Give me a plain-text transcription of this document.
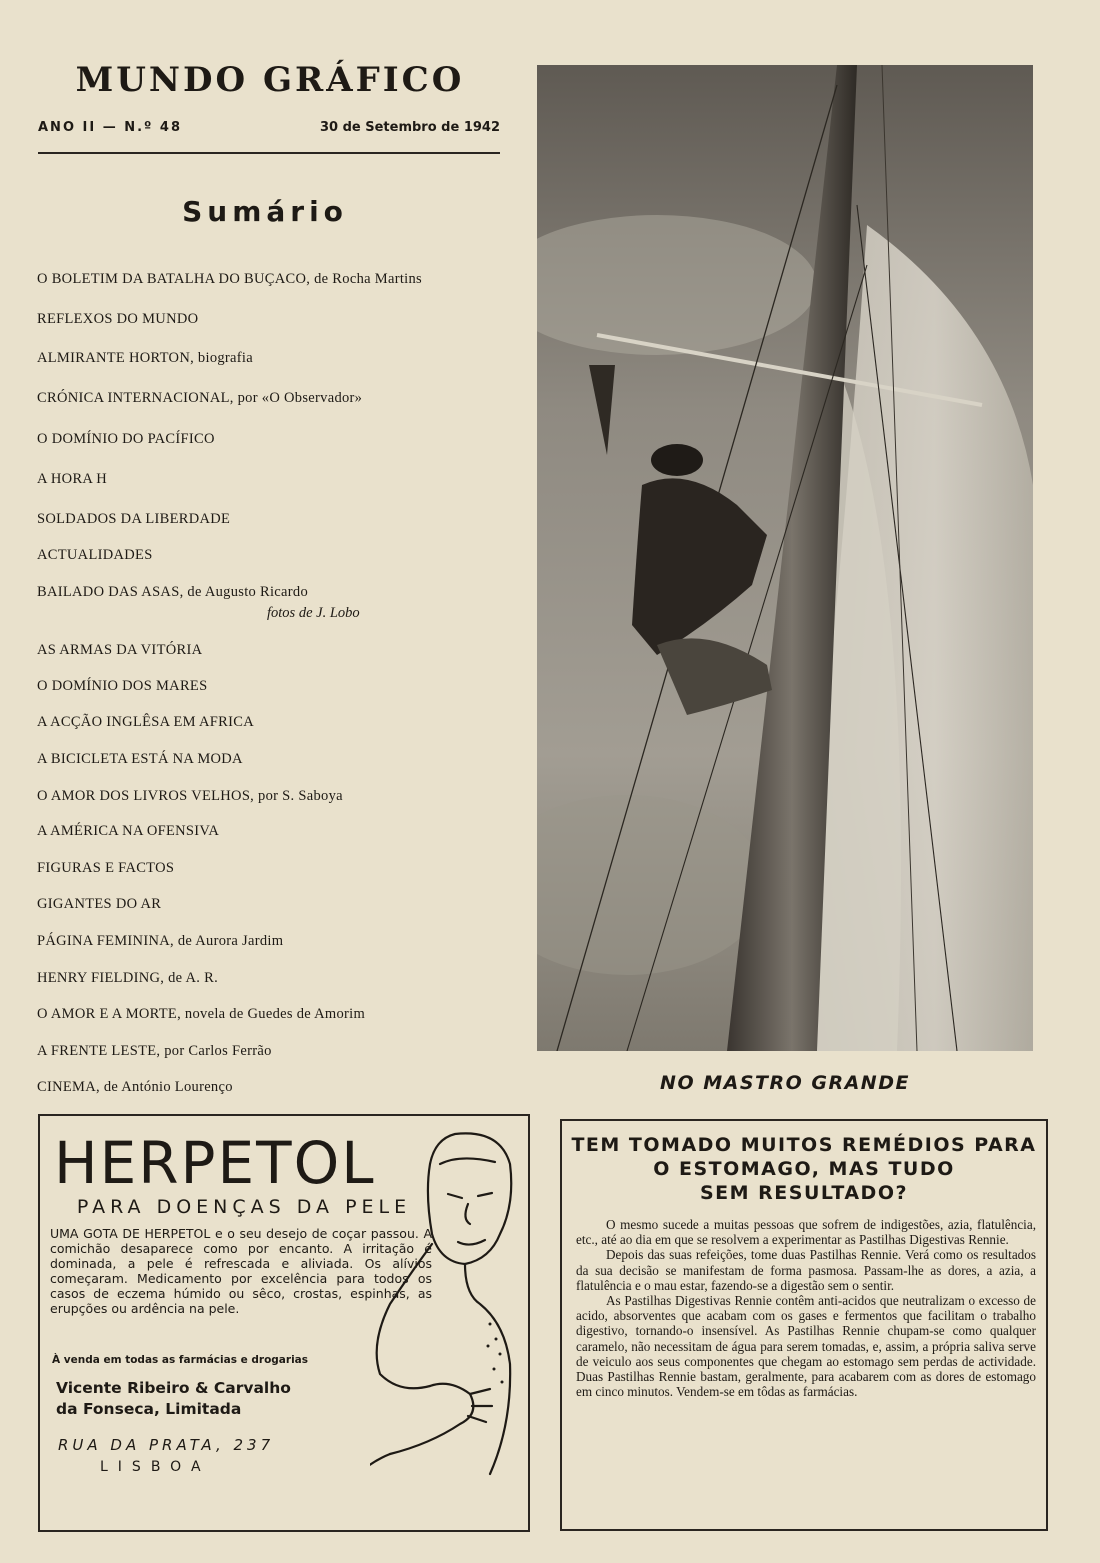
MUNDO GRÁFICO
ANO II — N.º 48	30 de Setembro de 1942
Sumário
O BOLETIM DA BATALHA DO BUÇACO, de Rocha Martins
REFLEXOS DO MUNDO
ALMIRANTE HORTON, biografia
CRÓNICA INTERNACIONAL, por «O Observador»
O DOMÍNIO DO PACÍFICO
A HORA H
SOLDADOS DA LIBERDADE
ACTUALIDADES
BAILADO DAS ASAS, de Augusto Ricardo
fotos de J. Lobo
AS ARMAS DA VITÓRIA
O DOMÍNIO DOS MARES
A ACÇÃO INGLÊSA EM AFRICA
A BICICLETA ESTÁ NA MODA
O AMOR DOS LIVROS VELHOS, por S. Saboya
A AMÉRICA NA OFENSIVA
FIGURAS E FACTOS
GIGANTES DO AR
PÁGINA FEMININA, de Aurora Jardim
HENRY FIELDING, de A. R.
O AMOR E A MORTE, novela de Guedes de Amorim
A FRENTE LESTE, por Carlos Ferrão
CINEMA, de António Lourenço	NO MASTRO GRANDE
HERPETOL
PARA DOENÇAS DA PELE
UMA GOTA DE HERPETOL e o seu desejo de coçar passou. A comichão desaparece como por encanto. A irritação é dominada, a pele é refrescada e aliviada. Os alívios começaram. Medicamento por excelência para todos os casos de eczema húmido ou sêco, crostas, espinhas, as erupções ou ardência na pele.
À venda em todas as farmácias e drogarias
Vicente Ribeiro & Carvalho
da Fonseca, Limitada
RUA DA PRATA, 237
LISBOA
TEM TOMADO MUITOS REMÉDIOS PARA
O ESTOMAGO, MAS TUDO
SEM RESULTADO?

O mesmo sucede a muitas pessoas que sofrem de indigestões, azia, flatulência, etc., até ao dia em que se resolvem a experimentar as Pastilhas Digestivas Rennie.

Depois das suas refeições, tome duas Pastilhas Rennie. Verá como os resultados da sua decisão se manifestam de forma pasmosa. Passam-lhe as dores, a azia, a flatulência e o mau estar, fazendo-se a digestão sem o sentir.

As Pastilhas Digestivas Rennie contêm anti-acidos que neutralizam o excesso de acido, absorventes que acabam com os gases e fermentos que facilitam o trabalho digestivo, tornando-o insensível. As Pastilhas Rennie chupam-se como qualquer caramelo, não necessitam de água para serem tomadas, e, assim, a própria saliva serve de veiculo aos seus componentes que chegam ao estomago sem perdas de actividade. Duas Pastilhas Rennie bastam, geralmente, para acabarem com as dores de estomago em cinco minutos. Vendem-se em tôdas as farmácias.
